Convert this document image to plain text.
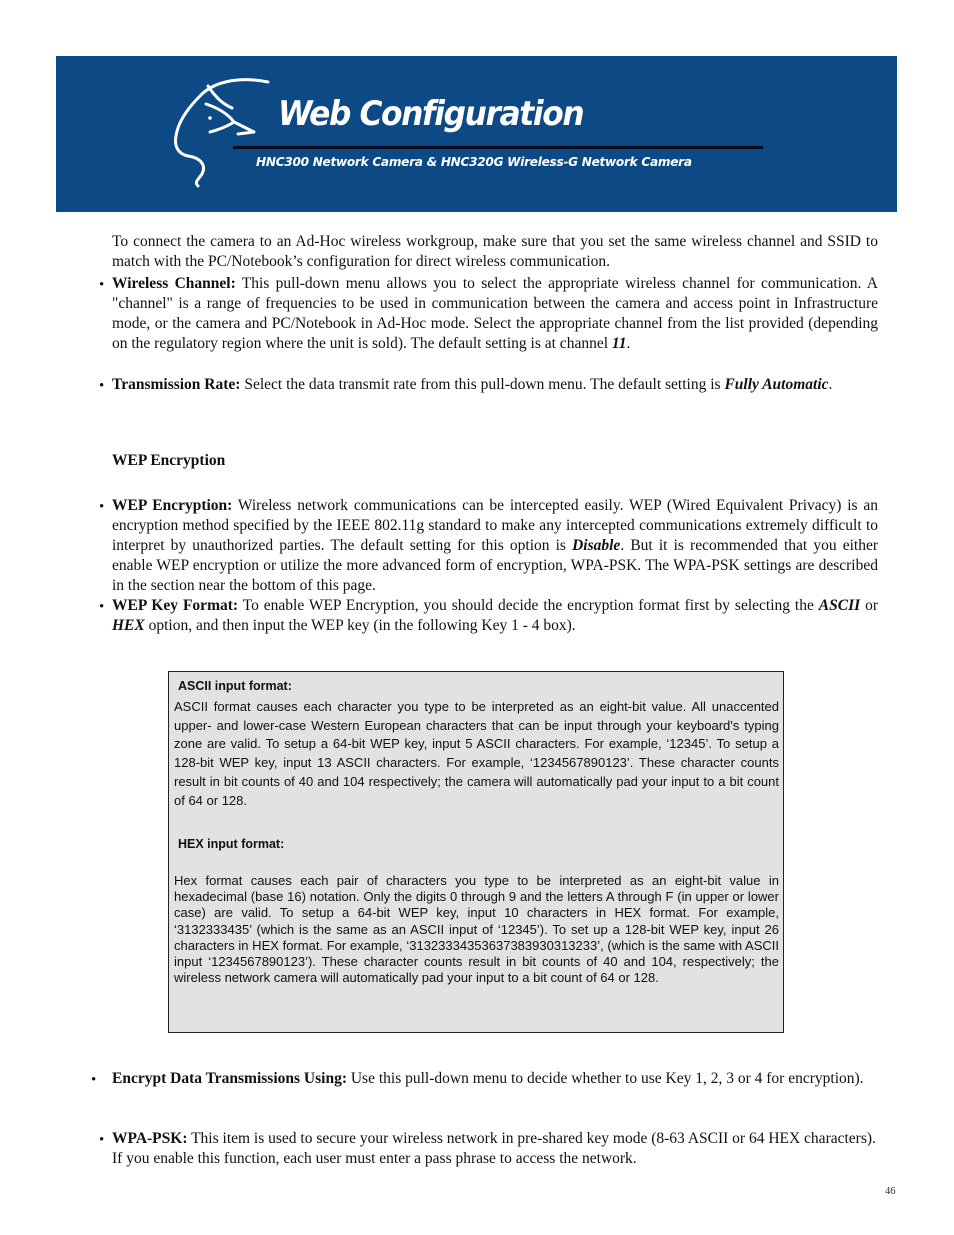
Web Configuration
HNC300 Network Camera & HNC320G Wireless-G Network Camera
To connect the camera to an Ad-Hoc wireless workgroup, make sure that you set the same wireless channel and SSID to match with the PC/Notebook’s configuration for direct wireless communication.
• Wireless Channel: This pull-down menu allows you to select the appropriate wireless channel for communication. A "channel" is a range of frequencies to be used in communication between the camera and access point in Infrastructure mode, or the camera and PC/Notebook in Ad-Hoc mode. Select the appropriate channel from the list provided (depending on the regulatory region where the unit is sold). The default setting is at channel 11.
• Transmission Rate: Select the data transmit rate from this pull-down menu. The default setting is Fully Automatic.
WEP Encryption
• WEP Encryption: Wireless network communications can be intercepted easily. WEP (Wired Equivalent Privacy) is an encryption method specified by the IEEE 802.11g standard to make any intercepted communications extremely difficult to interpret by unauthorized parties. The default setting for this option is Disable. But it is recommended that you either enable WEP encryption or utilize the more advanced form of encryption, WPA-PSK. The WPA-PSK settings are described in the section near the bottom of this page.
• WEP Key Format: To enable WEP Encryption, you should decide the encryption format first by selecting the ASCII or HEX option, and then input the WEP key (in the following Key 1 - 4 box).
ASCII input format:
ASCII format causes each character you type to be interpreted as an eight-bit value. All unaccented upper- and lower-case Western European characters that can be input through your keyboard's typing zone are valid. To setup a 64-bit WEP key, input 5 ASCII characters. For example, ‘12345’. To setup a 128-bit WEP key, input 13 ASCII characters. For example, ‘1234567890123’. These character counts result in bit counts of 40 and 104 respectively; the camera will automatically pad your input to a bit count of 64 or 128.
HEX input format:
Hex format causes each pair of characters you type to be interpreted as an eight-bit value in hexadecimal (base 16) notation. Only the digits 0 through 9 and the letters A through F (in upper or lower case) are valid. To setup a 64-bit WEP key, input 10 characters in HEX format. For example, ‘3132333435’ (which is the same as an ASCII input of ‘12345’). To set up a 128-bit WEP key, input 26 characters in HEX format. For example, ‘31323334353637383930313233’, (which is the same with ASCII input ‘1234567890123’). These character counts result in bit counts of 40 and 104, respectively; the wireless network camera will automatically pad your input to a bit count of 64 or 128.
• Encrypt Data Transmissions Using: Use this pull-down menu to decide whether to use Key 1, 2, 3 or 4 for encryption).
• WPA-PSK: This item is used to secure your wireless network in pre-shared key mode (8-63 ASCII or 64 HEX characters). If you enable this function, each user must enter a pass phrase to access the network.
46
